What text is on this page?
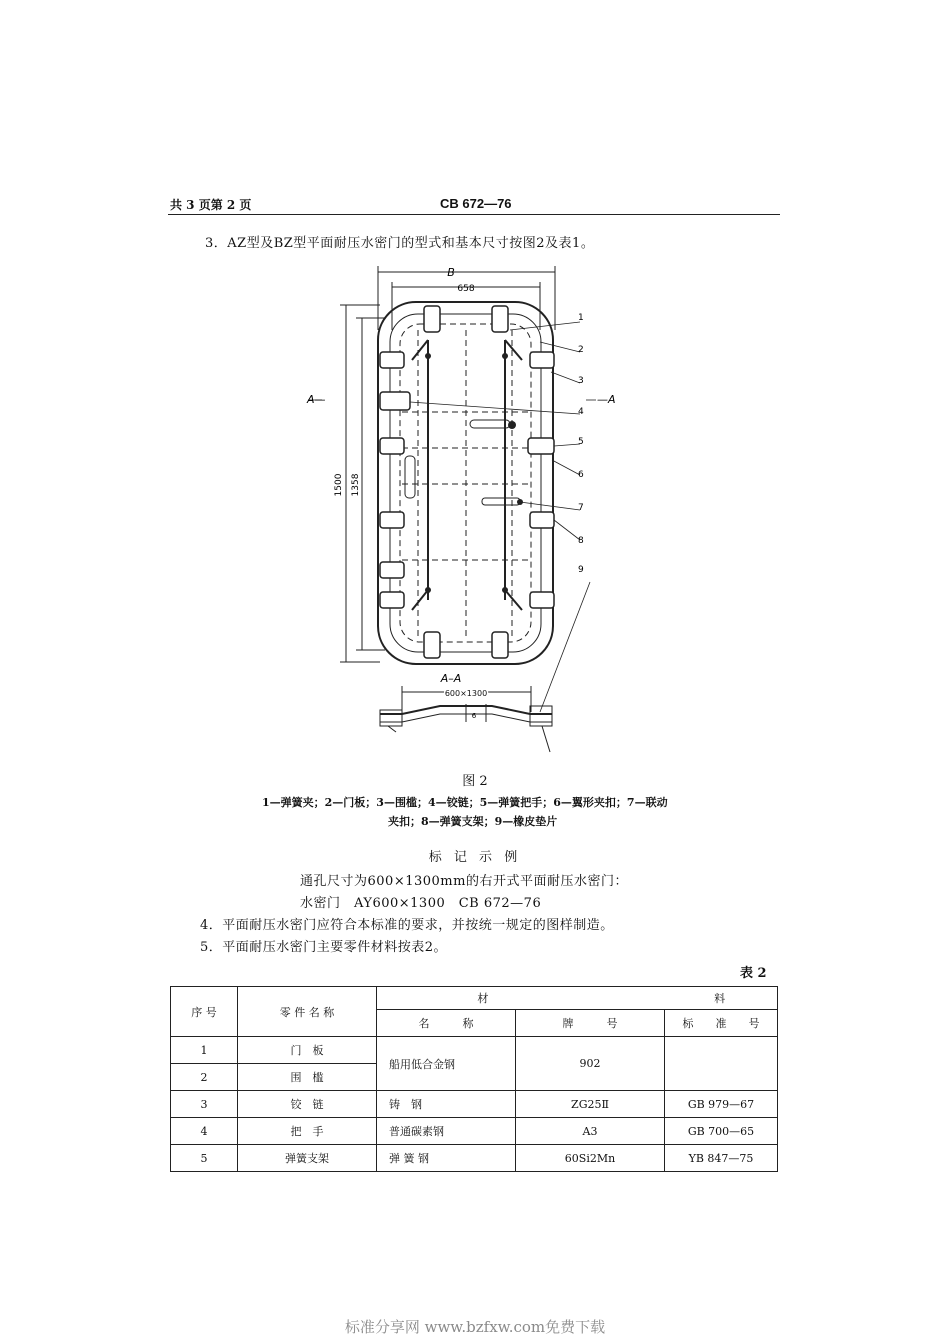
共 3 页第 2 页	CB 672—76
3．AZ型及BZ型平面耐压水密门的型式和基本尺寸按图2及表1。
B
658
1500 1358
A—	—A
1
2
3
4
5
6
7
8
9
A–A
600×1300
6
图 2
1—弹簧夹；2—门板；3—围槛；4—铰链；5—弹簧把手；6—翼形夹扣；7—联动
夹扣；8—弹簧支架；9—橡皮垫片
标 记 示 例
通孔尺寸为600×1300mm的右开式平面耐压水密门：
水密门　AY600×1300　CB 672—76
4．平面耐压水密门应符合本标准的要求，并按统一规定的图样制造。
5．平面耐压水密门主要零件材料按表2。
表 2
序 号	零 件 名 称	材 料		
		名　　　称	牌　　　号	标　　准　　号
1	门　板	船用低合金钢	902	
2	围　槛			
3	铰　链	铸　钢	ZG25Ⅱ	GB 979—67
4	把　手	普通碳素钢	A3	GB 700—65
5	弹簧支架	弹 簧 钢	60Si2Mn	YB 847—75
标准分享网 www.bzfxw.com免费下载
